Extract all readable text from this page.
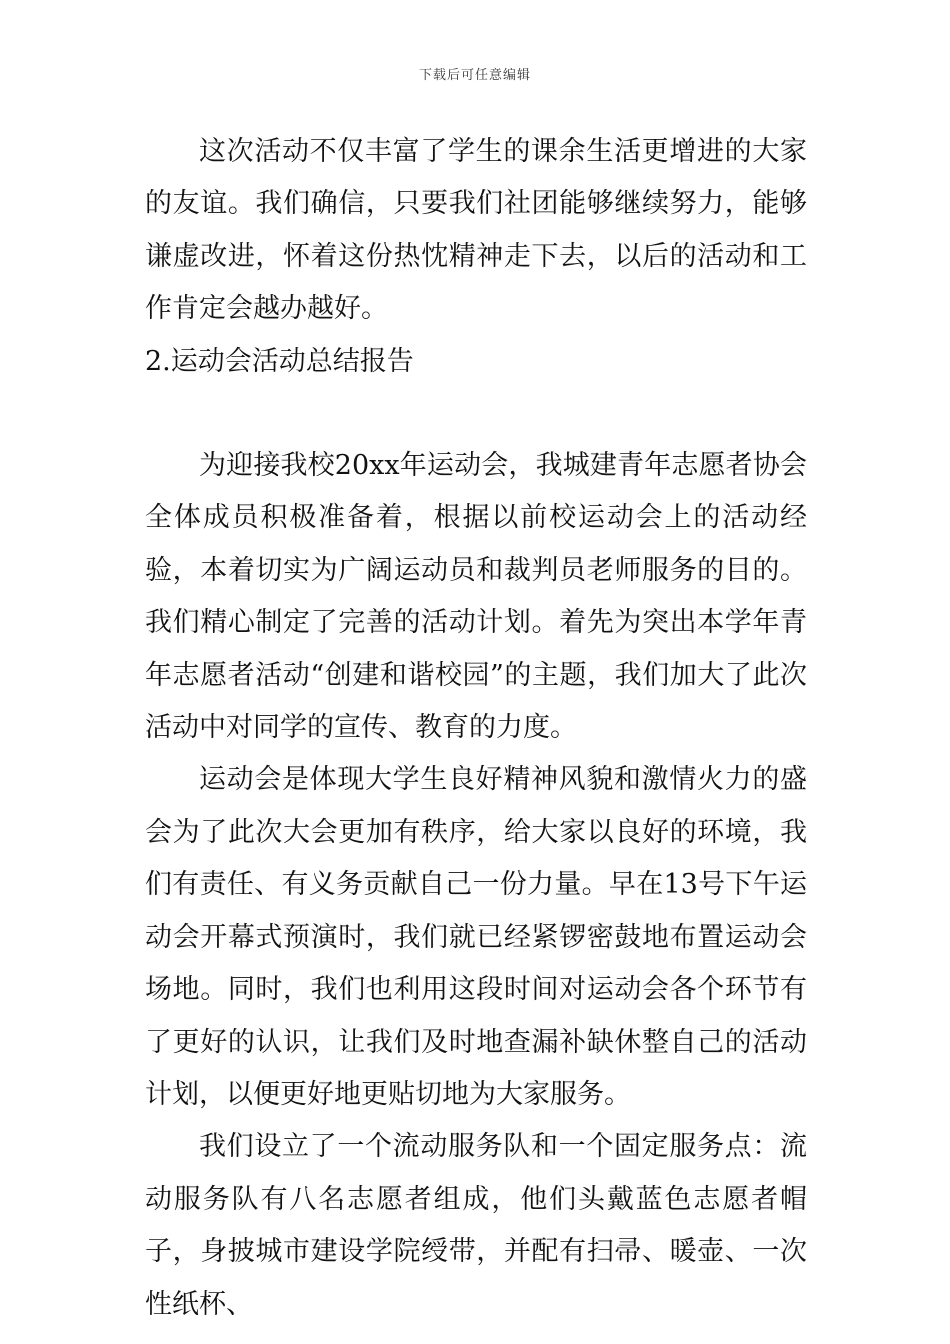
下载后可任意编辑

这次活动不仅丰富了学生的课余生活更增进的大家的友谊。我们确信，只要我们社团能够继续努力，能够谦虚改进，怀着这份热忱精神走下去，以后的活动和工作肯定会越办越好。

2.运动会活动总结报告

为迎接我校20xx年运动会，我城建青年志愿者协会全体成员积极准备着，根据以前校运动会上的活动经验，本着切实为广阔运动员和裁判员老师服务的目的。我们精心制定了完善的活动计划。着先为突出本学年青年志愿者活动“创建和谐校园”的主题，我们加大了此次活动中对同学的宣传、教育的力度。

运动会是体现大学生良好精神风貌和激情火力的盛会为了此次大会更加有秩序，给大家以良好的环境，我们有责任、有义务贡献自己一份力量。早在13号下午运动会开幕式预演时，我们就已经紧锣密鼓地布置运动会场地。同时，我们也利用这段时间对运动会各个环节有了更好的认识，让我们及时地查漏补缺休整自己的活动计划，以便更好地更贴切地为大家服务。

我们设立了一个流动服务队和一个固定服务点：流动服务队有八名志愿者组成，他们头戴蓝色志愿者帽子，身披城市建设学院绶带，并配有扫帚、暖壶、一次性纸杯、
